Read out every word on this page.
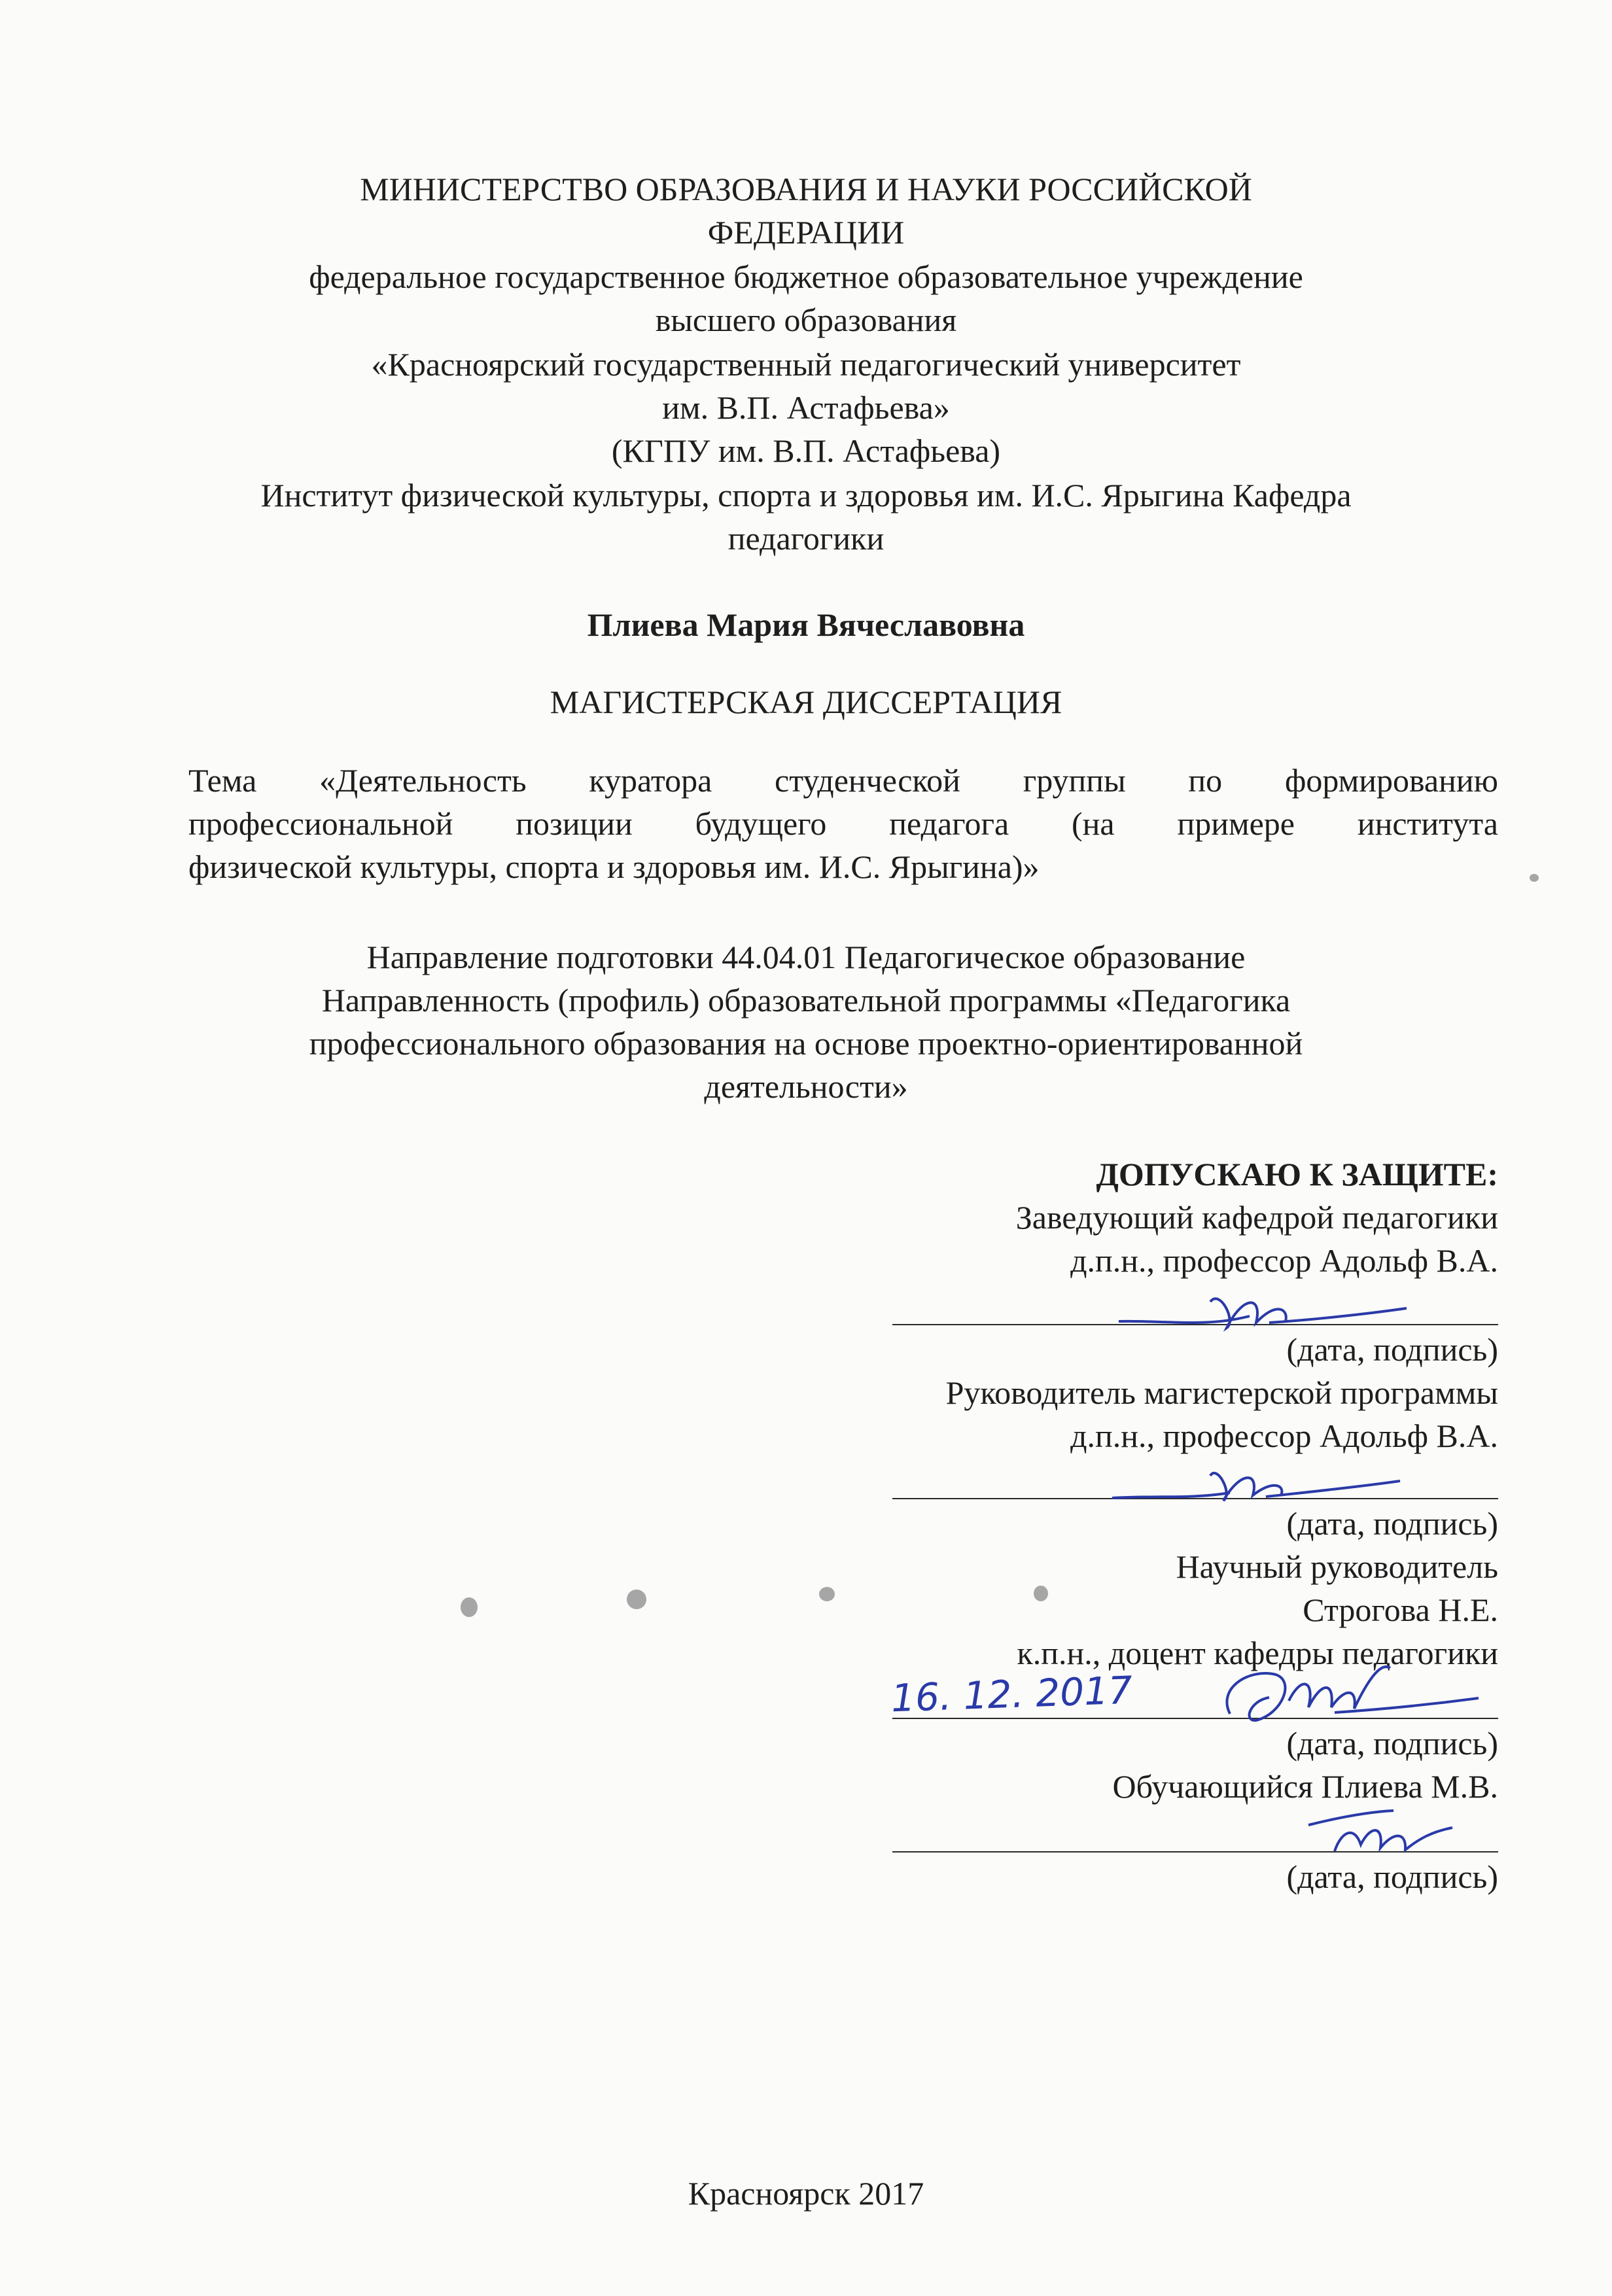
МИНИСТЕРСТВО ОБРАЗОВАНИЯ И НАУКИ РОССИЙСКОЙ
ФЕДЕРАЦИИ
федеральное государственное бюджетное образовательное учреждение
высшего образования
«Красноярский государственный педагогический университет
им. В.П. Астафьева»
(КГПУ им. В.П. Астафьева)
Институт физической культуры, спорта и здоровья им. И.С. Ярыгина Кафедра
педагогики
Плиева Мария Вячеславовна
МАГИСТЕРСКАЯ ДИССЕРТАЦИЯ
Тема «Деятельность куратора студенческой группы по формированию
профессиональной позиции будущего педагога (на примере института
физической культуры, спорта и здоровья им. И.С. Ярыгина)»
Направление подготовки 44.04.01 Педагогическое образование
Направленность (профиль) образовательной программы «Педагогика
профессионального образования на основе проектно-ориентированной
деятельности»
ДОПУСКАЮ К ЗАЩИТЕ:
Заведующий кафедрой педагогики
д.п.н., профессор Адольф В.А.
(дата, подпись)
Руководитель магистерской программы
д.п.н., профессор Адольф В.А.
(дата, подпись)
Научный руководитель
Строгова Н.Е.
к.п.н., доцент кафедры педагогики
16. 12. 2017
(дата, подпись)
Обучающийся Плиева М.В.
(дата, подпись)
Красноярск 2017
